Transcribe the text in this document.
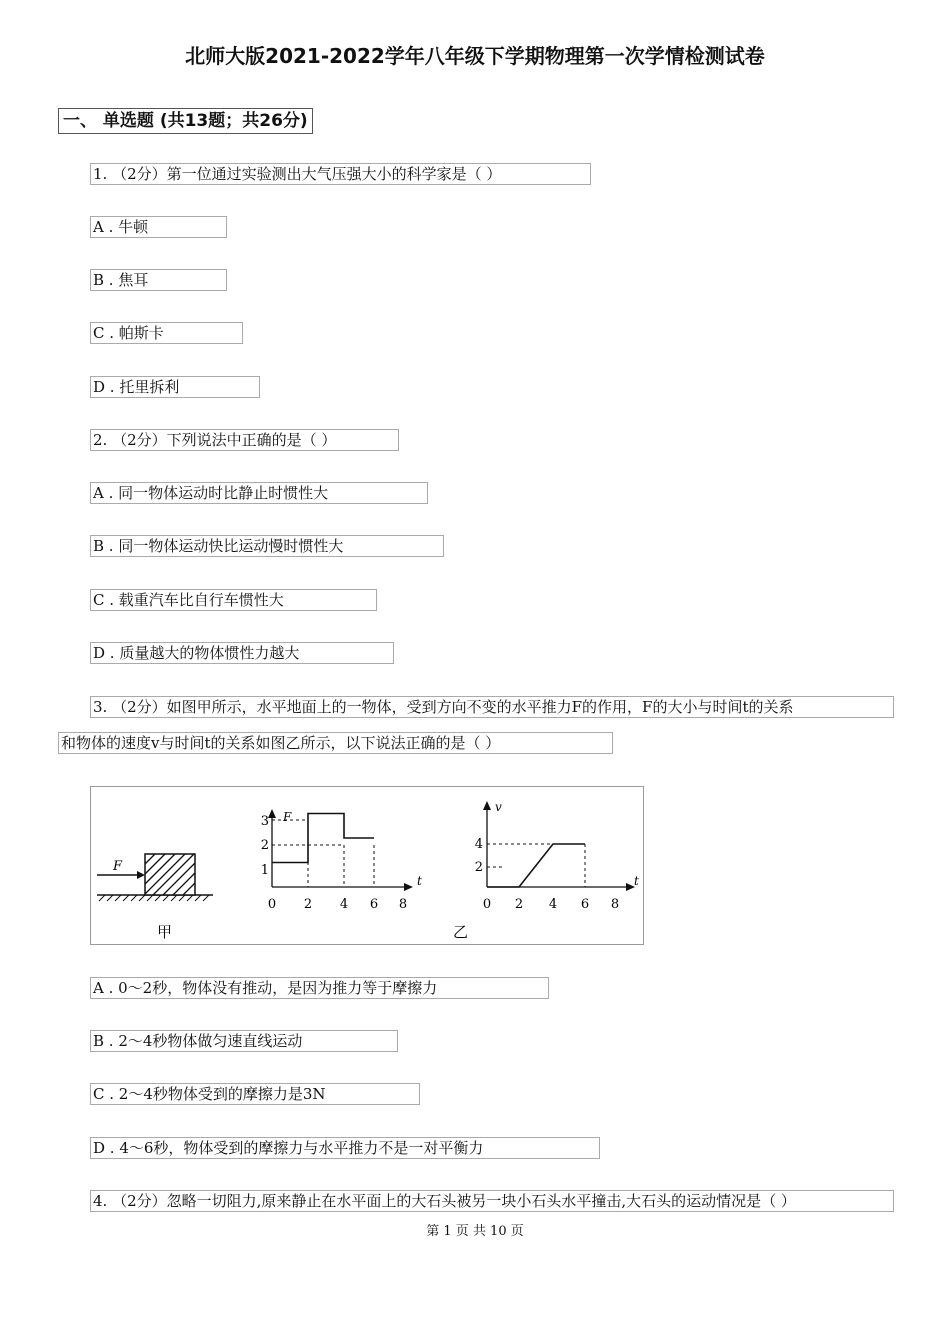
北师大版2021-2022学年八年级下学期物理第一次学情检测试卷
一、 单选题 (共13题；共26分)
1. （2分）第一位通过实验测出大气压强大小的科学家是（ ）
A . 牛顿
B . 焦耳
C . 帕斯卡
D . 托里拆利
2. （2分）下列说法中正确的是（ ）
A . 同一物体运动时比静止时惯性大
B . 同一物体运动快比运动慢时惯性大
C . 载重汽车比自行车惯性大
D . 质量越大的物体惯性力越大
3. （2分）如图甲所示，水平地面上的一物体，受到方向不变的水平推力F的作用，F的大小与时间t的关系
和物体的速度v与时间t的关系如图乙所示，以下说法正确的是（ ）
F
甲
F
t
0 2 4 6 8
1
2
3
v
t
0 2 4 6 8
2
4
乙
A . 0～2秒，物体没有推动，是因为推力等于摩擦力
B . 2～4秒物体做匀速直线运动
C . 2～4秒物体受到的摩擦力是3N
D . 4～6秒，物体受到的摩擦力与水平推力不是一对平衡力
4. （2分）忽略一切阻力,原来静止在水平面上的大石头被另一块小石头水平撞击,大石头的运动情况是（ ）
第 1 页 共 10 页
